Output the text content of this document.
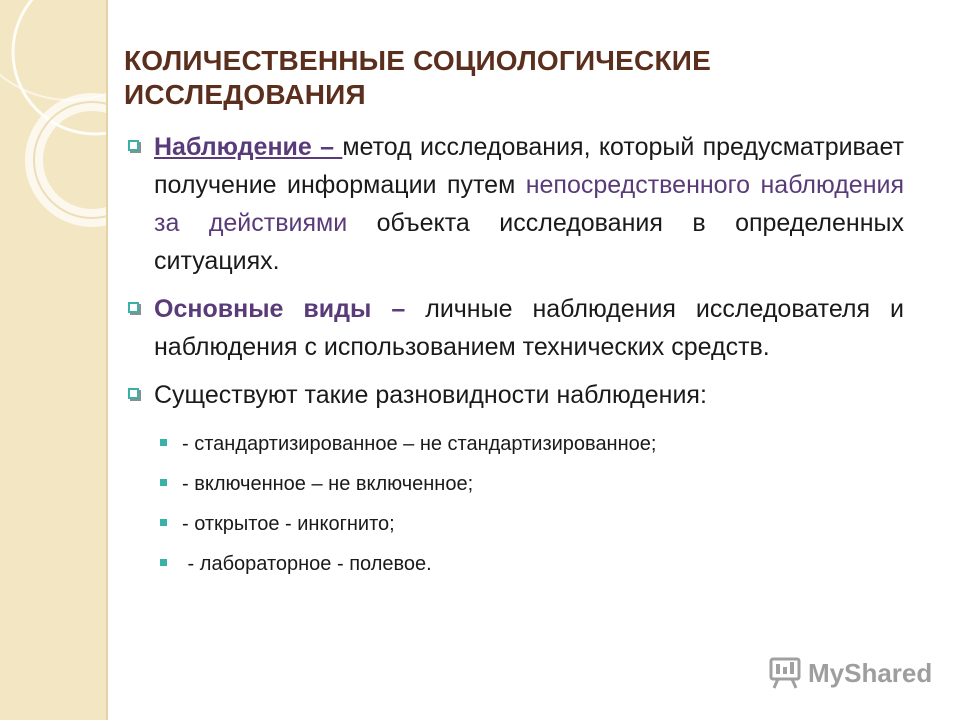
КОЛИЧЕСТВЕННЫЕ СОЦИОЛОГИЧЕСКИЕ
ИССЛЕДОВАНИЯ
Наблюдение – метод исследования, который предусматривает получение информации путем непосредственного наблюдения за действиями объекта исследования в определенных ситуациях.
Основные виды – личные наблюдения исследователя и наблюдения с использованием технических средств.
Существуют такие разновидности наблюдения:
- стандартизированное – не стандартизированное;
- включенное – не включенное;
- открытое - инкогнито;
- лабораторное - полевое.
MyShared
